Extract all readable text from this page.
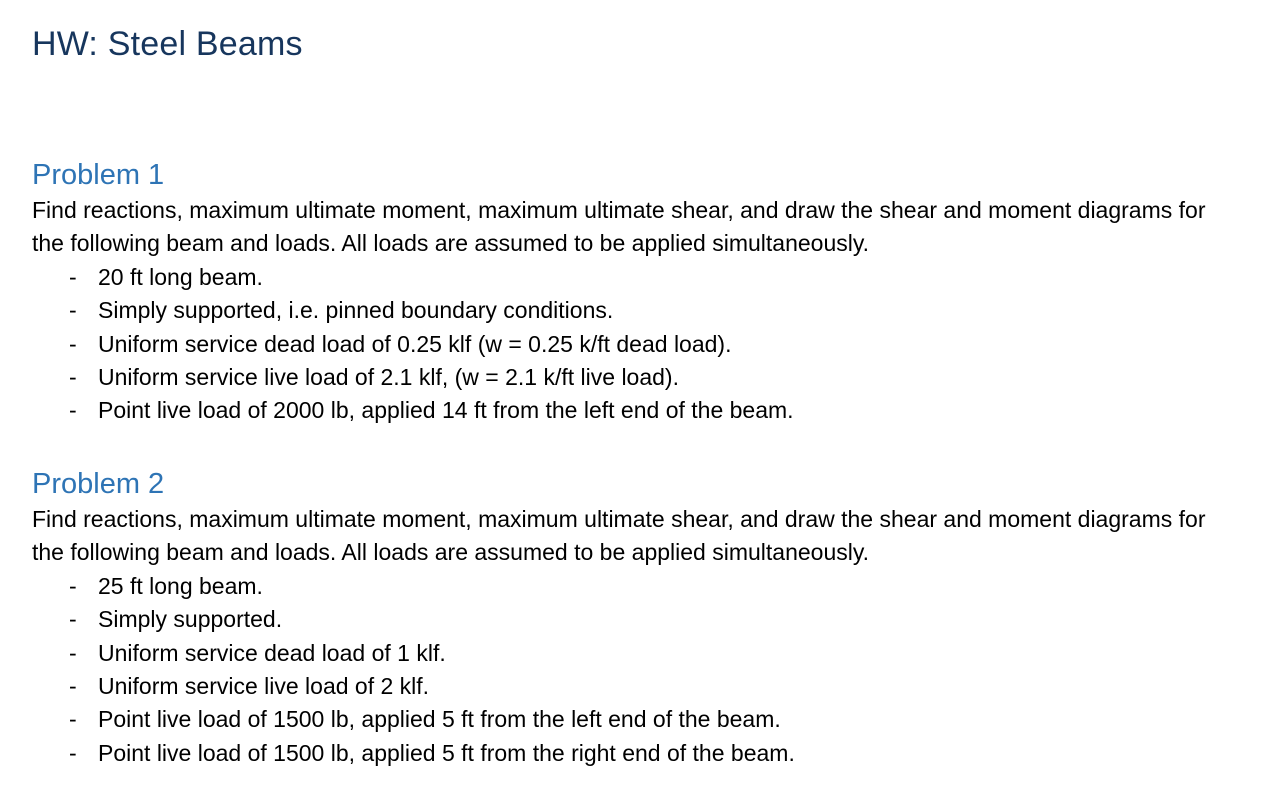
HW: Steel Beams
Problem 1

Find reactions, maximum ultimate moment, maximum ultimate shear, and draw the shear and moment diagrams for the following beam and loads. All loads are assumed to be applied simultaneously.

- 20 ft long beam.
- Simply supported, i.e. pinned boundary conditions.
- Uniform service dead load of 0.25 klf (w = 0.25 k/ft dead load).
- Uniform service live load of 2.1 klf, (w = 2.1 k/ft live load).
- Point live load of 2000 lb, applied 14 ft from the left end of the beam.
Problem 2

Find reactions, maximum ultimate moment, maximum ultimate shear, and draw the shear and moment diagrams for the following beam and loads. All loads are assumed to be applied simultaneously.

- 25 ft long beam.
- Simply supported.
- Uniform service dead load of 1 klf.
- Uniform service live load of 2 klf.
- Point live load of 1500 lb, applied 5 ft from the left end of the beam.
- Point live load of 1500 lb, applied 5 ft from the right end of the beam.
